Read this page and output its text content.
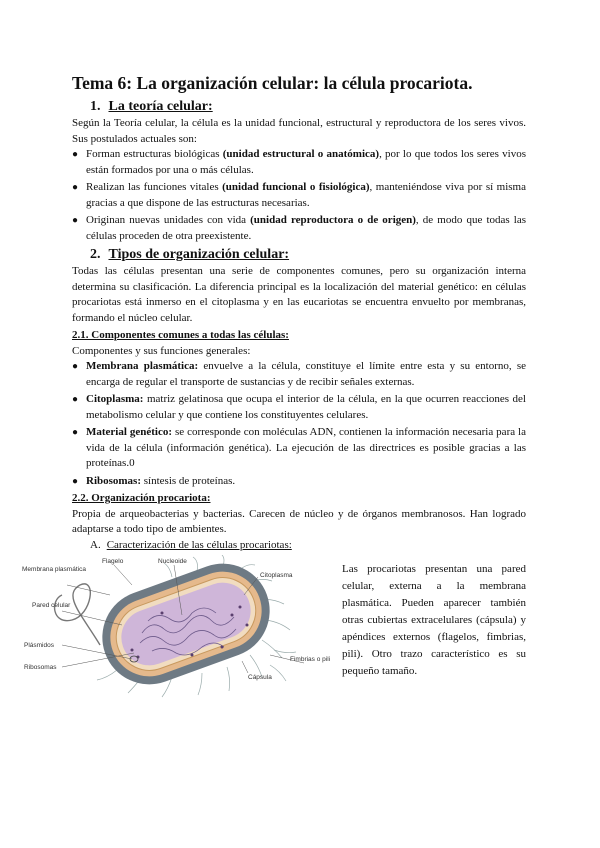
Tema 6: La organización celular: la célula procariota.
1. La teoría celular:

Según la Teoría celular, la célula es la unidad funcional, estructural y reproductora de los seres vivos. Sus postulados actuales son:

● Forman estructuras biológicas (unidad estructural o anatómica), por lo que todos los seres vivos están formados por una o más células.
● Realizan las funciones vitales (unidad funcional o fisiológica), manteniéndose viva por sí misma gracias a que dispone de las estructuras necesarias.
● Originan nuevas unidades con vida (unidad reproductora o de origen), de modo que todas las células proceden de otra preexistente.
2. Tipos de organización celular:

Todas las células presentan una serie de componentes comunes, pero su organización interna determina su clasificación. La diferencia principal es la localización del material genético: en células procariotas está inmerso en el citoplasma y en las eucariotas se encuentra envuelto por membranas, formando el núcleo celular.

2.1. Componentes comunes a todas las células:

Componentes y sus funciones generales:

● Membrana plasmática: envuelve a la célula, constituye el límite entre esta y su entorno, se encarga de regular el transporte de sustancias y de recibir señales externas.
● Citoplasma: matriz gelatinosa que ocupa el interior de la célula, en la que ocurren reacciones del metabolismo celular y que contiene los constituyentes celulares.
● Material genético: se corresponde con moléculas ADN, contienen la información necesaria para la vida de la célula (información genética). La ejecución de las directrices es posible gracias a las proteínas.0
● Ribosomas: síntesis de proteínas.
2.2. Organización procariota:

Propia de arqueobacterias y bacterias. Carecen de núcleo y de órganos membranosos. Han logrado adaptarse a todo tipo de ambientes.

A. Caracterización de las células procariotas:
Membrana plasmática
Pared celular
Plásmidos
Ribosomas
Flagelo	Nucleoide
Citoplasma
Fimbrias o pili
Cápsula
Las procariotas presentan una pared celular, externa a la membrana plasmática. Pueden aparecer también otras cubiertas extracelulares (cápsula) y apéndices externos (flagelos, fimbrias, pili). Otro trazo característico es su pequeño tamaño.
